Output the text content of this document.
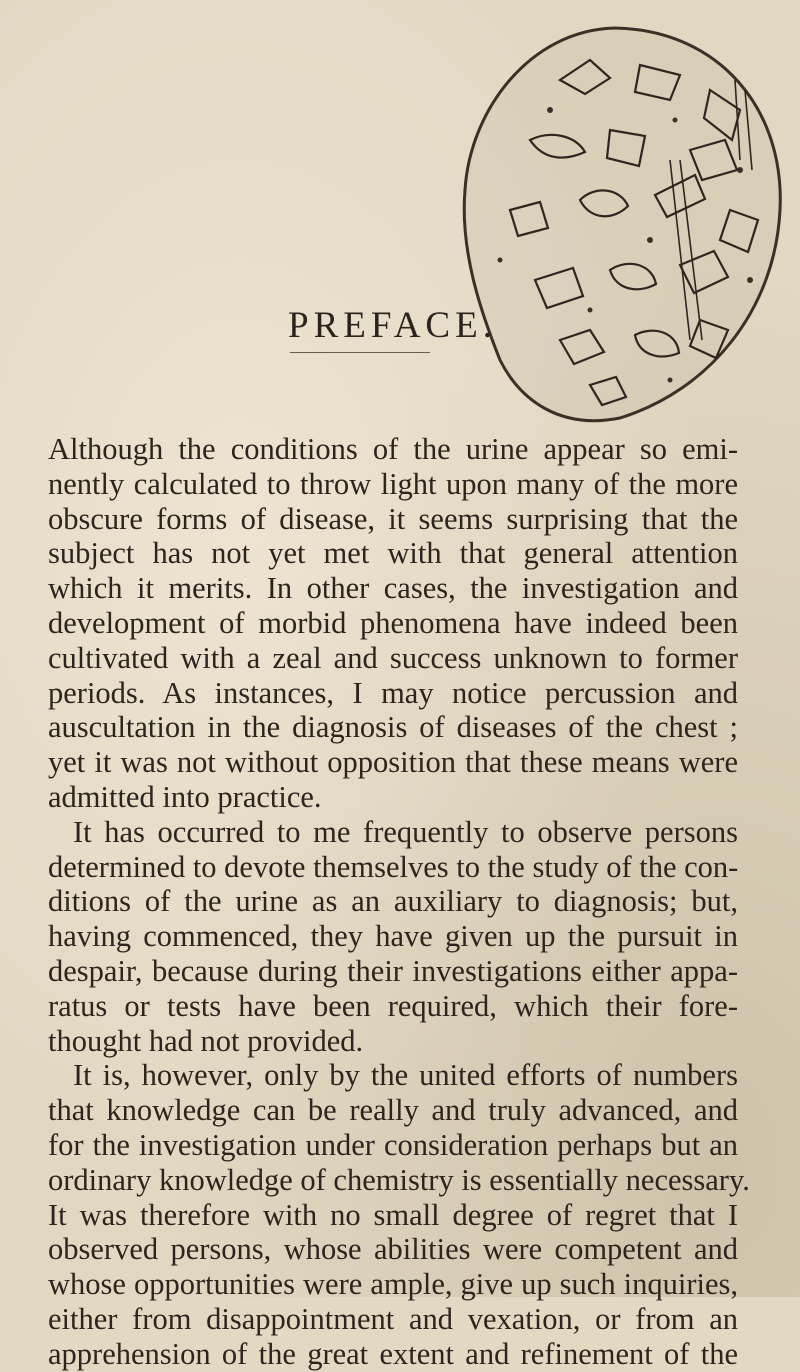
PREFACE.
Although the conditions of the urine appear so emi-
nently calculated to throw light upon many of the more
obscure forms of disease, it seems surprising that the
subject has not yet met with that general attention
which it merits. In other cases, the investigation and
development of morbid phenomena have indeed been
cultivated with a zeal and success unknown to former
periods. As instances, I may notice percussion and
auscultation in the diagnosis of diseases of the chest ;
yet it was not without opposition that these means were
admitted into practice.
It has occurred to me frequently to observe persons
determined to devote themselves to the study of the con-
ditions of the urine as an auxiliary to diagnosis; but,
having commenced, they have given up the pursuit in
despair, because during their investigations either appa-
ratus or tests have been required, which their fore-
thought had not provided.
It is, however, only by the united efforts of numbers
that knowledge can be really and truly advanced, and
for the investigation under consideration perhaps but an
ordinary knowledge of chemistry is essentially necessary.
It was therefore with no small degree of regret that I
observed persons, whose abilities were competent and
whose opportunities were ample, give up such inquiries,
either from disappointment and vexation, or from an
apprehension of the great extent and refinement of the
